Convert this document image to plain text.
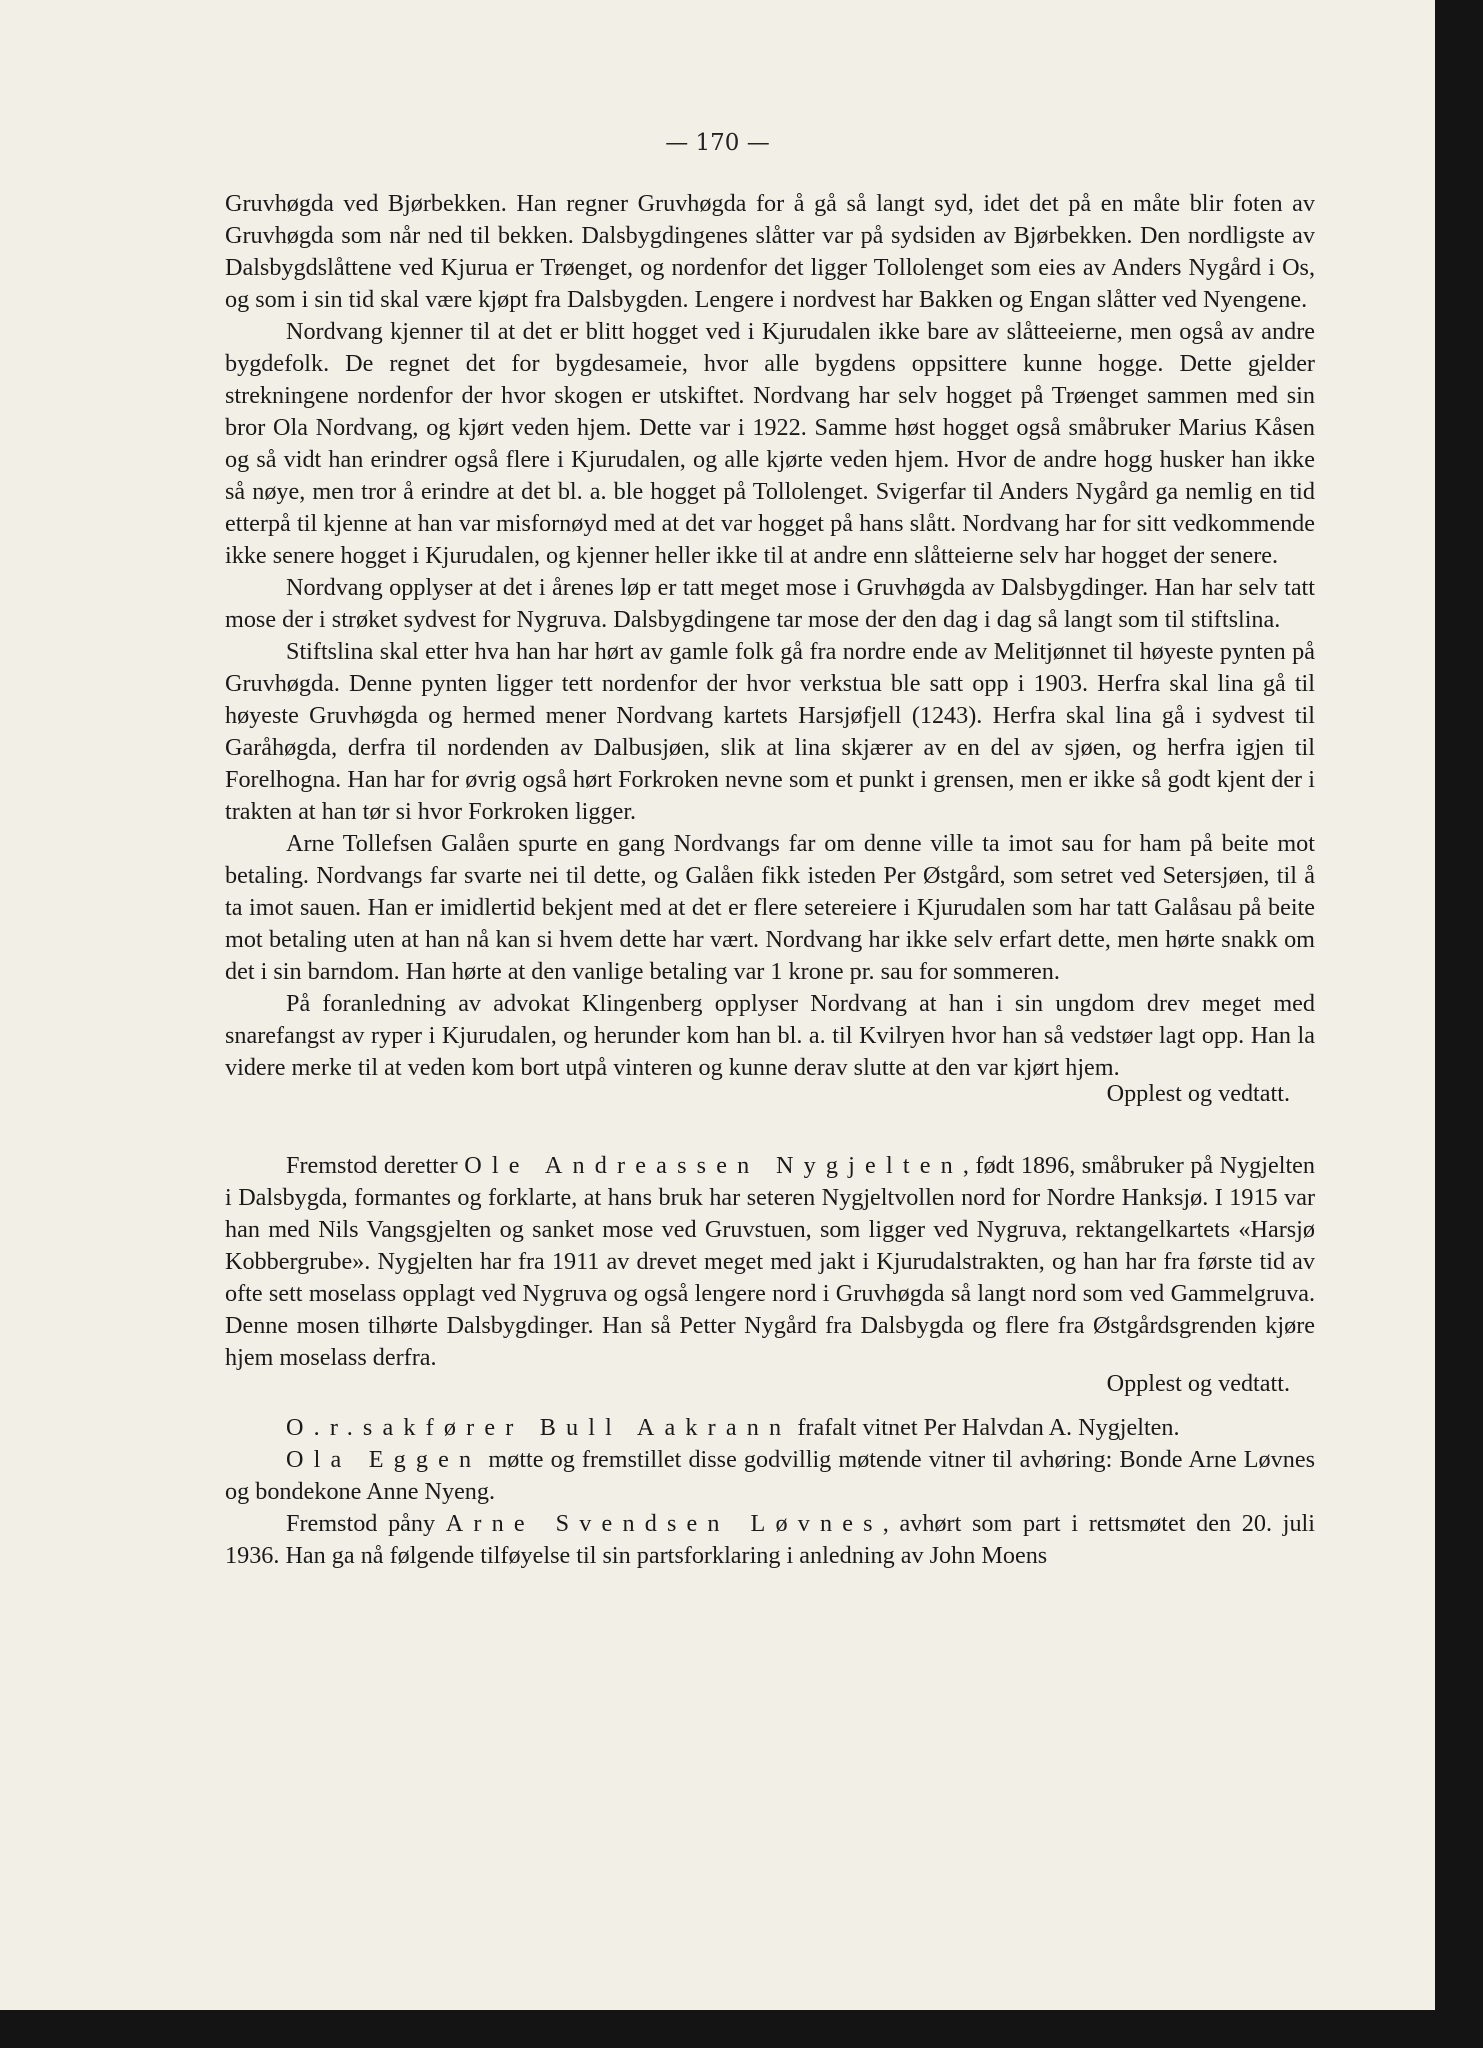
— 170 —

Gruvhøgda ved Bjørbekken. Han regner Gruvhøgda for å gå så langt syd, idet det på en måte blir foten av Gruvhøgda som når ned til bekken. Dalsbygdingenes slåtter var på sydsiden av Bjørbekken. Den nordligste av Dalsbygdslåttene ved Kjurua er Trøenget, og nordenfor det ligger Tollolenget som eies av Anders Nygård i Os, og som i sin tid skal være kjøpt fra Dalsbygden. Lengere i nordvest har Bakken og Engan slåtter ved Nyengene.

Nordvang kjenner til at det er blitt hogget ved i Kjurudalen ikke bare av slåtteeierne, men også av andre bygdefolk. De regnet det for bygdesameie, hvor alle bygdens oppsittere kunne hogge. Dette gjelder strekningene nordenfor der hvor skogen er utskiftet. Nordvang har selv hogget på Trøenget sammen med sin bror Ola Nordvang, og kjørt veden hjem. Dette var i 1922. Samme høst hogget også småbruker Marius Kåsen og så vidt han erindrer også flere i Kjurudalen, og alle kjørte veden hjem. Hvor de andre hogg husker han ikke så nøye, men tror å erindre at det bl. a. ble hogget på Tollolenget. Svigerfar til Anders Nygård ga nemlig en tid etterpå til kjenne at han var misfornøyd med at det var hogget på hans slått. Nordvang har for sitt vedkommende ikke senere hogget i Kjurudalen, og kjenner heller ikke til at andre enn slåtteierne selv har hogget der senere.

Nordvang opplyser at det i årenes løp er tatt meget mose i Gruvhøgda av Dalsbygdinger. Han har selv tatt mose der i strøket sydvest for Nygruva. Dalsbygdingene tar mose der den dag i dag så langt som til stiftslina.

Stiftslina skal etter hva han har hørt av gamle folk gå fra nordre ende av Melitjønnet til høyeste pynten på Gruvhøgda. Denne pynten ligger tett nordenfor der hvor verkstua ble satt opp i 1903. Herfra skal lina gå til høyeste Gruvhøgda og hermed mener Nordvang kartets Harsjøfjell (1243). Herfra skal lina gå i sydvest til Garåhøgda, derfra til nordenden av Dalbusjøen, slik at lina skjærer av en del av sjøen, og herfra igjen til Forelhogna. Han har for øvrig også hørt Forkroken nevne som et punkt i grensen, men er ikke så godt kjent der i trakten at han tør si hvor Forkroken ligger.

Arne Tollefsen Galåen spurte en gang Nordvangs far om denne ville ta imot sau for ham på beite mot betaling. Nordvangs far svarte nei til dette, og Galåen fikk isteden Per Østgård, som setret ved Setersjøen, til å ta imot sauen. Han er imidlertid bekjent med at det er flere setereiere i Kjurudalen som har tatt Galåsau på beite mot betaling uten at han nå kan si hvem dette har vært. Nordvang har ikke selv erfart dette, men hørte snakk om det i sin barndom. Han hørte at den vanlige betaling var 1 krone pr. sau for sommeren.

På foranledning av advokat Klingenberg opplyser Nordvang at han i sin ungdom drev meget med snarefangst av ryper i Kjurudalen, og herunder kom han bl. a. til Kvilryen hvor han så vedstøer lagt opp. Han la videre merke til at veden kom bort utpå vinteren og kunne derav slutte at den var kjørt hjem.

Opplest og vedtatt.

Fremstod deretter Ole Andreassen Nygjelten, født 1896, småbruker på Nygjelten i Dalsbygda, formantes og forklarte, at hans bruk har seteren Nygjeltvollen nord for Nordre Hanksjø. I 1915 var han med Nils Vangsgjelten og sanket mose ved Gruvstuen, som ligger ved Nygruva, rektangelkartets «Harsjø Kobbergrube». Nygjelten har fra 1911 av drevet meget med jakt i Kjurudalstrakten, og han har fra første tid av ofte sett moselass opplagt ved Nygruva og også lengere nord i Gruvhøgda så langt nord som ved Gammelgruva. Denne mosen tilhørte Dalsbygdinger. Han så Petter Nygård fra Dalsbygda og flere fra Østgårdsgrenden kjøre hjem moselass derfra.

Opplest og vedtatt.

O.r.sakfører Bull Aakrann frafalt vitnet Per Halvdan A. Nygjelten.

Ola Eggen møtte og fremstillet disse godvillig møtende vitner til avhøring: Bonde Arne Løvnes og bondekone Anne Nyeng.

Fremstod påny Arne Svendsen Løvnes, avhørt som part i rettsmøtet den 20. juli 1936. Han ga nå følgende tilføyelse til sin partsforklaring i anledning av John Moens
